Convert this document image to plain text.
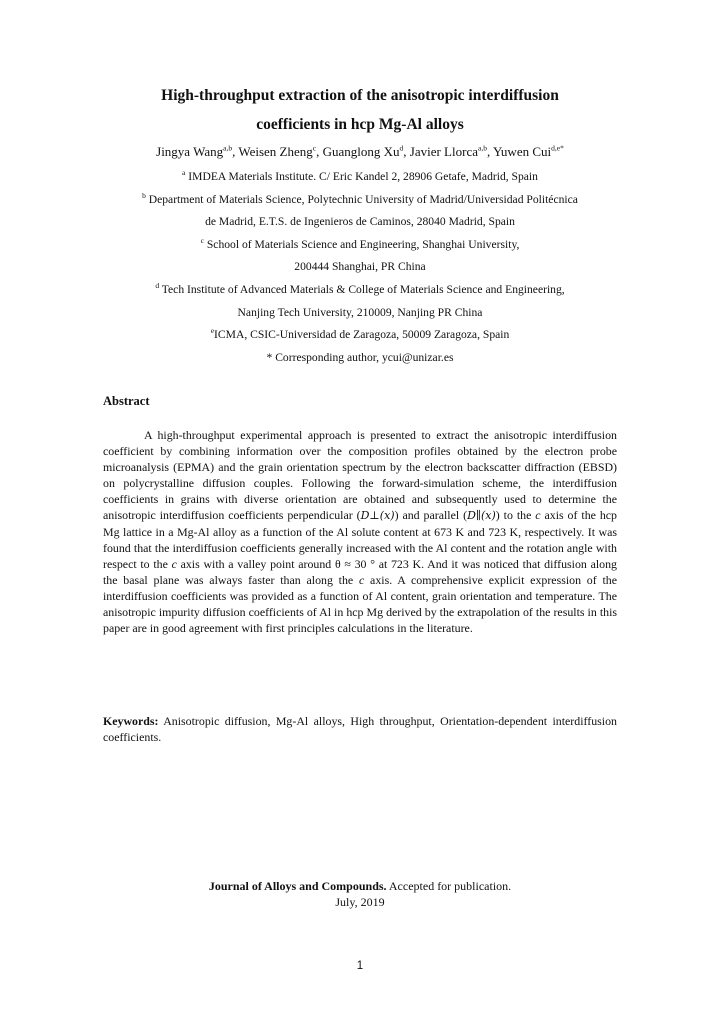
High-throughput extraction of the anisotropic interdiffusion
coefficients in hcp Mg-Al alloys
Jingya Wang$^{a,b}$, Weisen Zheng$^c$, Guanglong Xu$^d$, Javier Llorca$^{a,b}$, Yuwen Cui$^{d,e*}$
$^a$ IMDEA Materials Institute. C/ Eric Kandel 2, 28906 Getafe, Madrid, Spain
$^b$ Department of Materials Science, Polytechnic University of Madrid/Universidad Politécnica
de Madrid, E.T.S. de Ingenieros de Caminos, 28040 Madrid, Spain
$^c$ School of Materials Science and Engineering, Shanghai University,
200444 Shanghai, PR China
$^d$ Tech Institute of Advanced Materials & College of Materials Science and Engineering,
Nanjing Tech University, 210009, Nanjing PR China
$^e$ICMA, CSIC-Universidad de Zaragoza, 50009 Zaragoza, Spain
* Corresponding author, ycui@unizar.es
Abstract
A high-throughput experimental approach is presented to extract the anisotropic interdiffusion coefficient by combining information over the composition profiles obtained by the electron probe microanalysis (EPMA) and the grain orientation spectrum by the electron backscatter diffraction (EBSD) on polycrystalline diffusion couples. Following the forward-simulation scheme, the interdiffusion coefficients in grains with diverse orientation are obtained and subsequently used to determine the anisotropic interdiffusion coefficients perpendicular (D⊥(x)) and parallel (D∥(x)) to the c axis of the hcp Mg lattice in a Mg-Al alloy as a function of the Al solute content at 673 K and 723 K, respectively. It was found that the interdiffusion coefficients generally increased with the Al content and the rotation angle with respect to the c axis with a valley point around θ ≈ 30 ° at 723 K. And it was noticed that diffusion along the basal plane was always faster than along the c axis. A comprehensive explicit expression of the interdiffusion coefficients was provided as a function of Al content, grain orientation and temperature. The anisotropic impurity diffusion coefficients of Al in hcp Mg derived by the extrapolation of the results in this paper are in good agreement with first principles calculations in the literature.
Keywords: Anisotropic diffusion, Mg-Al alloys, High throughput, Orientation-dependent interdiffusion coefficients.
Journal of Alloys and Compounds. Accepted for publication.
July, 2019
1
